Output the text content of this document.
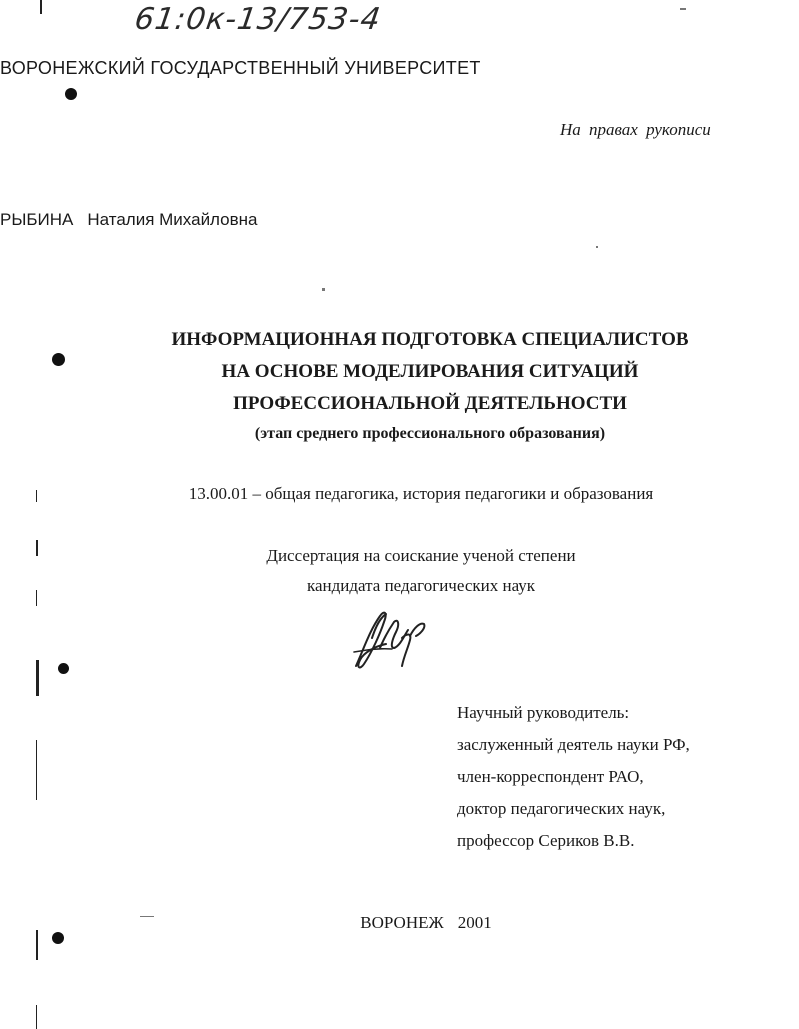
61:0к-13/753-4
ВОРОНЕЖСКИЙ ГОСУДАРСТВЕННЫЙ УНИВЕРСИТЕТ
На правах рукописи
РЫБИНА Наталия Михайловна
ИНФОРМАЦИОННАЯ ПОДГОТОВКА СПЕЦИАЛИСТОВ
НА ОСНОВЕ МОДЕЛИРОВАНИЯ СИТУАЦИЙ
ПРОФЕССИОНАЛЬНОЙ ДЕЯТЕЛЬНОСТИ
(этап среднего профессионального образования)
13.00.01 – общая педагогика, история педагогики и образования
Диссертация на соискание ученой степени
кандидата педагогических наук
Научный руководитель:
заслуженный деятель науки РФ,
член-корреспондент РАО,
доктор педагогических наук,
профессор Сериков В.В.
ВОРОНЕЖ 2001
